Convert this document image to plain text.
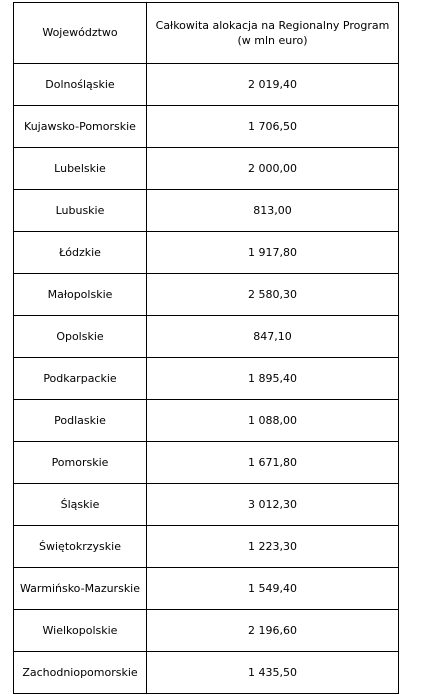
Województwo	Całkowita alokacja na Regionalny Program (w mln euro)
Dolnośląskie	2 019,40
Kujawsko-Pomorskie	1 706,50
Lubelskie	2 000,00
Lubuskie	813,00
Łódzkie	1 917,80
Małopolskie	2 580,30
Opolskie	847,10
Podkarpackie	1 895,40
Podlaskie	1 088,00
Pomorskie	1 671,80
Śląskie	3 012,30
Świętokrzyskie	1 223,30
Warmińsko-Mazurskie	1 549,40
Wielkopolskie	2 196,60
Zachodniopomorskie	1 435,50
